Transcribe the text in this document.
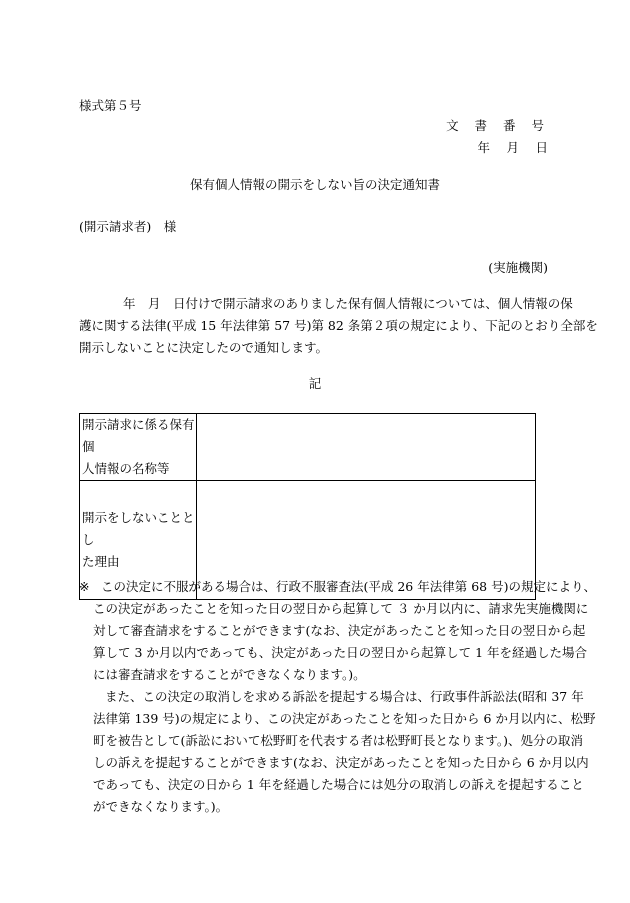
様式第５号

文 書 番 号

年　月　日

保有個人情報の開示をしない旨の決定通知書

(開示請求者)　様

(実施機関)

年　月　日付けで開示請求のありました保有個人情報については、個人情報の保
護に関する法律(平成 15 年法律第 57 号)第 82 条第２項の規定により、下記のとおり全部を
開示しないことに決定したので通知します。

記

開示請求に係る保有個
人情報の名称等	

開示をしないこととし
た理由	

※ この決定に不服がある場合は、行政不服審査法(平成 26 年法律第 68 号)の規定により、
この決定があったことを知った日の翌日から起算して ３ か月以内に、請求先実施機関に
対して審査請求をすることができます(なお、決定があったことを知った日の翌日から起
算して 3 か月以内であっても、決定があった日の翌日から起算して 1 年を経過した場合
には審査請求をすることができなくなります。)。
また、この決定の取消しを求める訴訟を提起する場合は、行政事件訴訟法(昭和 37 年
法律第 139 号)の規定により、この決定があったことを知った日から 6 か月以内に、松野
町を被告として(訴訟において松野町を代表する者は松野町長となります。)、処分の取消
しの訴えを提起することができます(なお、決定があったことを知った日から 6 か月以内
であっても、決定の日から 1 年を経過した場合には処分の取消しの訴えを提起すること
ができなくなります。)。
